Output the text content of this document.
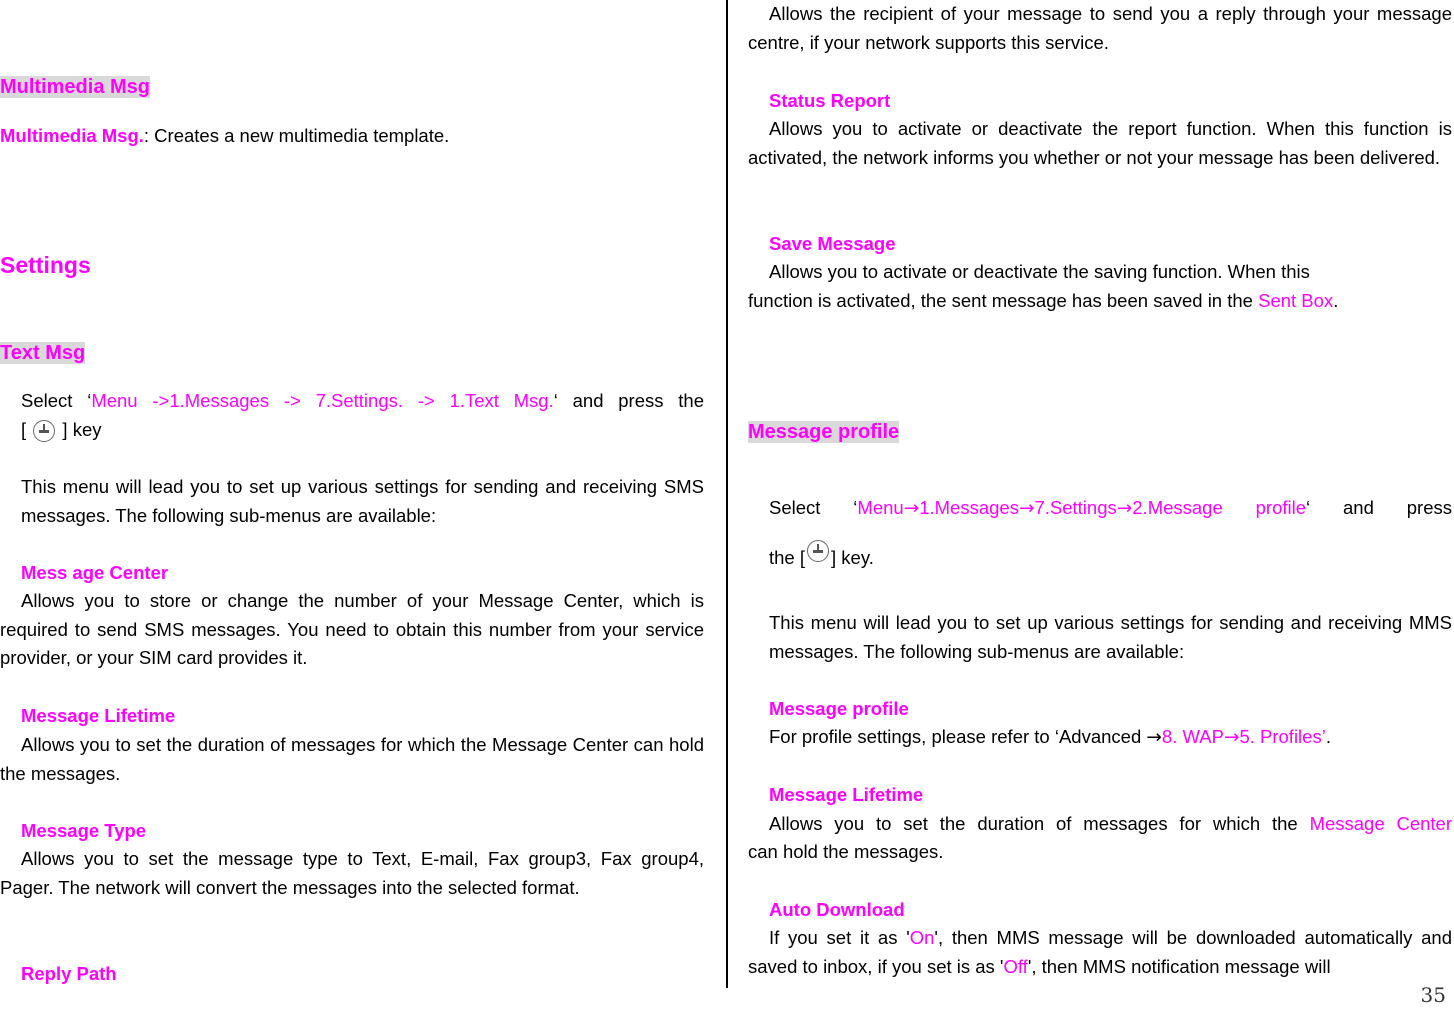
Multimedia Msg
Multimedia Msg.: Creates a new multimedia template.
Settings
Text Msg
Select ‘Menu ->1.Messages -> 7.Settings. -> 1.Text Msg.‘ and press the
[ ] key

This menu will lead you to set up various settings for sending and receiving SMS messages. The following sub-menus are available:

Mess age Center
Allows you to store or change the number of your Message Center, which is required to send SMS messages. You need to obtain this number from your service provider, or your SIM card provides it.
Message Lifetime
Allows you to set the duration of messages for which the Message Center can hold the messages.
Message Type
Allows you to set the message type to Text, E-mail, Fax group3, Fax group4, Pager. The network will convert the messages into the selected format.
Reply Path
Allows the recipient of your message to send you a reply through your message centre, if your network supports this service.
Status Report
Allows you to activate or deactivate the report function. When this function is activated, the network informs you whether or not your message has been delivered.
Save Message
Allows you to activate or deactivate the saving function. When this
function is activated, the sent message has been saved in the Sent Box.
Message profile
Select ‘Menu→1.Messages→7.Settings→2.Message profile‘ and press
the [ ] key.
This menu will lead you to set up various settings for sending and receiving MMS messages. The following sub-menus are available:
Message profile
For profile settings, please refer to ‘Advanced →8. WAP→5. Profiles’.
Message Lifetime
Allows you to set the duration of messages for which the Message Center
can hold the messages.
Auto Download
If you set it as 'On', then MMS message will be downloaded automatically and saved to inbox, if you set is as 'Off', then MMS notification message will
35
